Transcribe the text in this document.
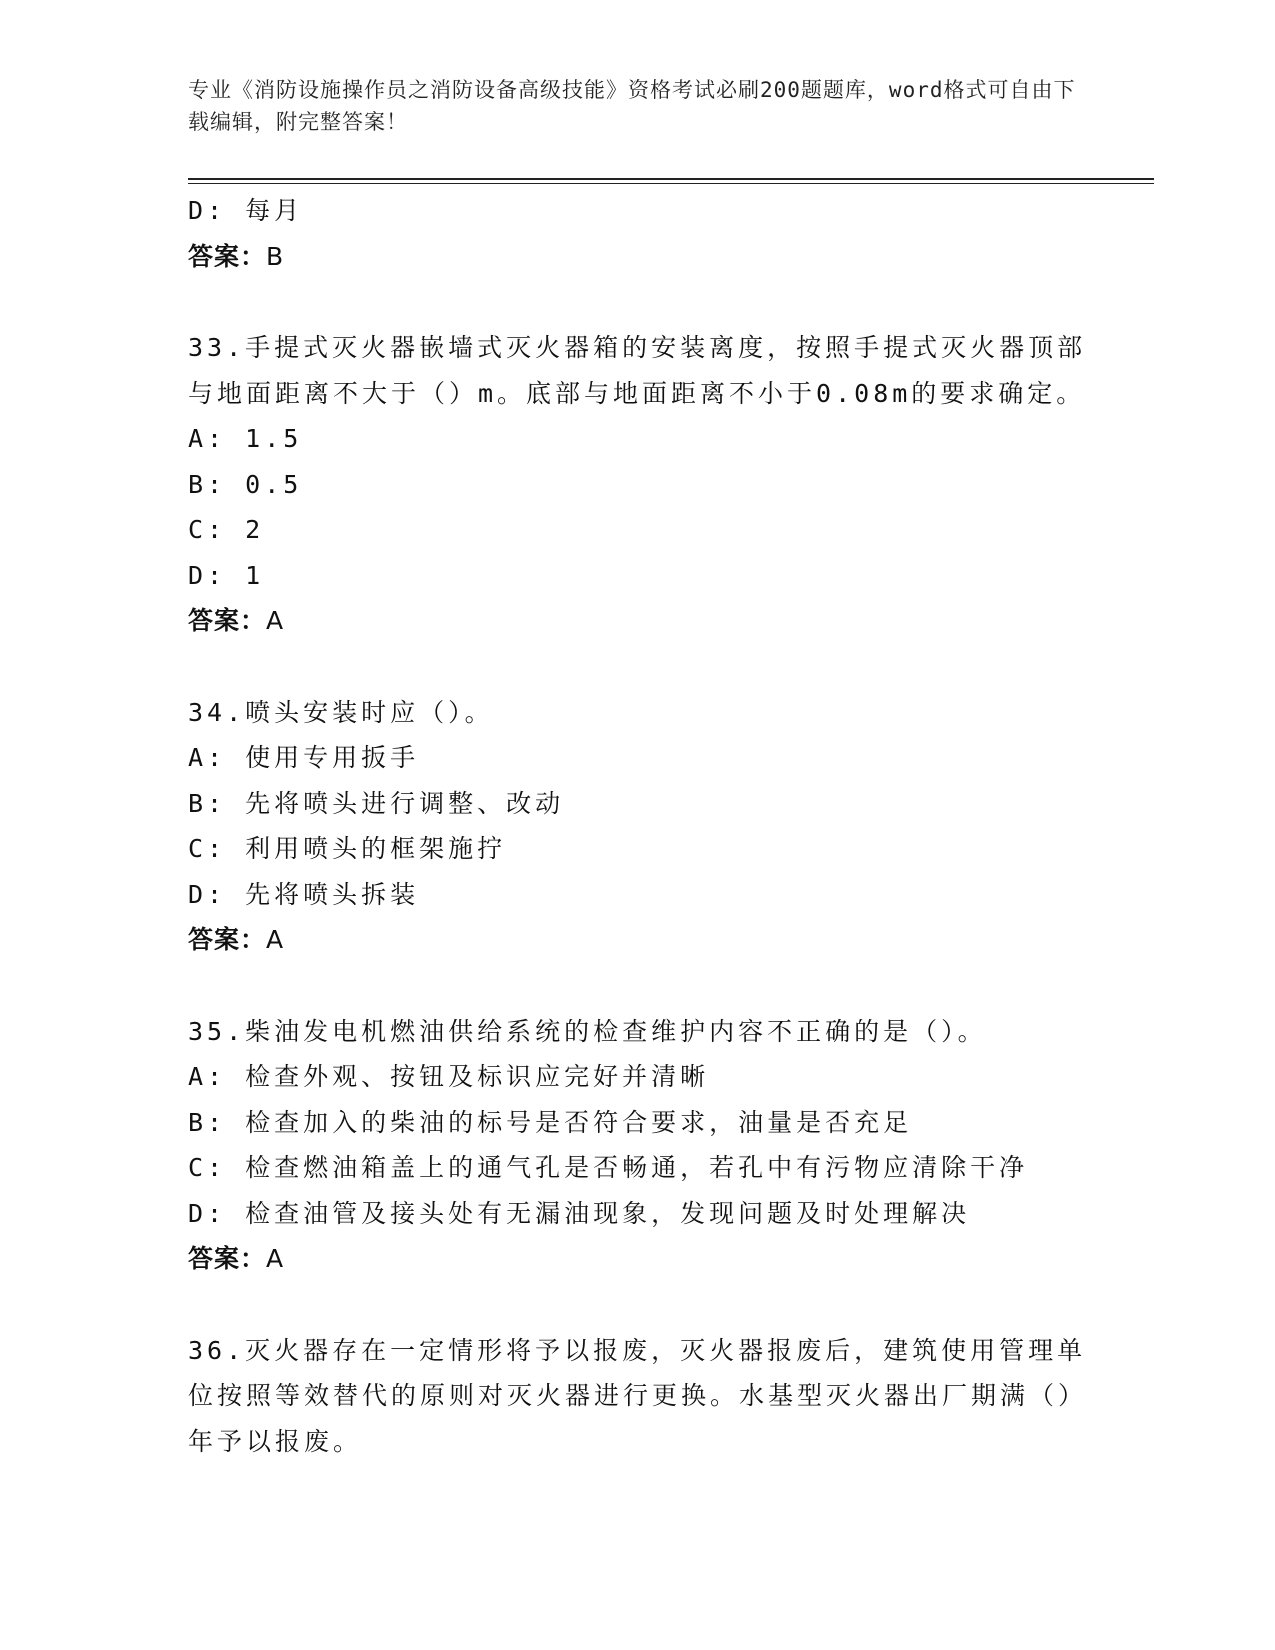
专业《消防设施操作员之消防设备高级技能》资格考试必刷200题题库，word格式可自由下载编辑，附完整答案！

D: 每月

答案：B

33.手提式灭火器嵌墙式灭火器箱的安装离度，按照手提式灭火器顶部与地面距离不大于（）m。底部与地面距离不小于0.08m的要求确定。

A: 1.5

B: 0.5

C: 2

D: 1

答案：A

34.喷头安装时应（）。

A: 使用专用扳手

B: 先将喷头进行调整、改动

C: 利用喷头的框架施拧

D: 先将喷头拆装

答案：A

35.柴油发电机燃油供给系统的检查维护内容不正确的是（）。

A: 检查外观、按钮及标识应完好并清晰

B: 检查加入的柴油的标号是否符合要求，油量是否充足

C: 检查燃油箱盖上的通气孔是否畅通，若孔中有污物应清除干净

D: 检查油管及接头处有无漏油现象，发现问题及时处理解决

答案：A

36.灭火器存在一定情形将予以报废，灭火器报废后，建筑使用管理单位按照等效替代的原则对灭火器进行更换。水基型灭火器出厂期满（）年予以报废。
